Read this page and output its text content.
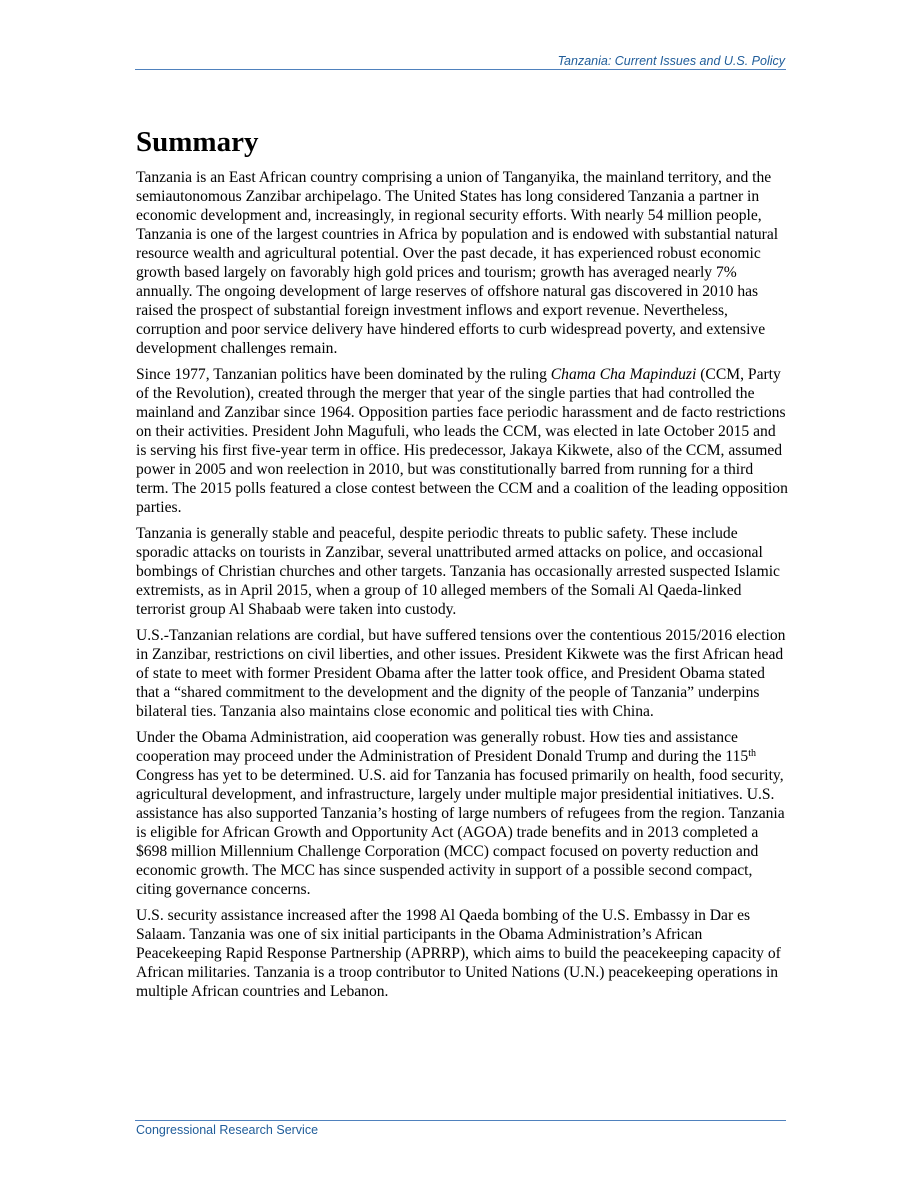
Tanzania: Current Issues and U.S. Policy
Summary

Tanzania is an East African country comprising a union of Tanganyika, the mainland territory, and the semiautonomous Zanzibar archipelago. The United States has long considered Tanzania a partner in economic development and, increasingly, in regional security efforts. With nearly 54 million people, Tanzania is one of the largest countries in Africa by population and is endowed with substantial natural resource wealth and agricultural potential. Over the past decade, it has experienced robust economic growth based largely on favorably high gold prices and tourism; growth has averaged nearly 7% annually. The ongoing development of large reserves of offshore natural gas discovered in 2010 has raised the prospect of substantial foreign investment inflows and export revenue. Nevertheless, corruption and poor service delivery have hindered efforts to curb widespread poverty, and extensive development challenges remain.

Since 1977, Tanzanian politics have been dominated by the ruling Chama Cha Mapinduzi (CCM, Party of the Revolution), created through the merger that year of the single parties that had controlled the mainland and Zanzibar since 1964. Opposition parties face periodic harassment and de facto restrictions on their activities. President John Magufuli, who leads the CCM, was elected in late October 2015 and is serving his first five-year term in office. His predecessor, Jakaya Kikwete, also of the CCM, assumed power in 2005 and won reelection in 2010, but was constitutionally barred from running for a third term. The 2015 polls featured a close contest between the CCM and a coalition of the leading opposition parties.

Tanzania is generally stable and peaceful, despite periodic threats to public safety. These include sporadic attacks on tourists in Zanzibar, several unattributed armed attacks on police, and occasional bombings of Christian churches and other targets. Tanzania has occasionally arrested suspected Islamic extremists, as in April 2015, when a group of 10 alleged members of the Somali Al Qaeda-linked terrorist group Al Shabaab were taken into custody.

U.S.-Tanzanian relations are cordial, but have suffered tensions over the contentious 2015/2016 election in Zanzibar, restrictions on civil liberties, and other issues. President Kikwete was the first African head of state to meet with former President Obama after the latter took office, and President Obama stated that a “shared commitment to the development and the dignity of the people of Tanzania” underpins bilateral ties. Tanzania also maintains close economic and political ties with China.

Under the Obama Administration, aid cooperation was generally robust. How ties and assistance cooperation may proceed under the Administration of President Donald Trump and during the 115th Congress has yet to be determined. U.S. aid for Tanzania has focused primarily on health, food security, agricultural development, and infrastructure, largely under multiple major presidential initiatives. U.S. assistance has also supported Tanzania’s hosting of large numbers of refugees from the region. Tanzania is eligible for African Growth and Opportunity Act (AGOA) trade benefits and in 2013 completed a $698 million Millennium Challenge Corporation (MCC) compact focused on poverty reduction and economic growth. The MCC has since suspended activity in support of a possible second compact, citing governance concerns.

U.S. security assistance increased after the 1998 Al Qaeda bombing of the U.S. Embassy in Dar es Salaam. Tanzania was one of six initial participants in the Obama Administration’s African Peacekeeping Rapid Response Partnership (APRRP), which aims to build the peacekeeping capacity of African militaries. Tanzania is a troop contributor to United Nations (U.N.) peacekeeping operations in multiple African countries and Lebanon.

Congressional Research Service
